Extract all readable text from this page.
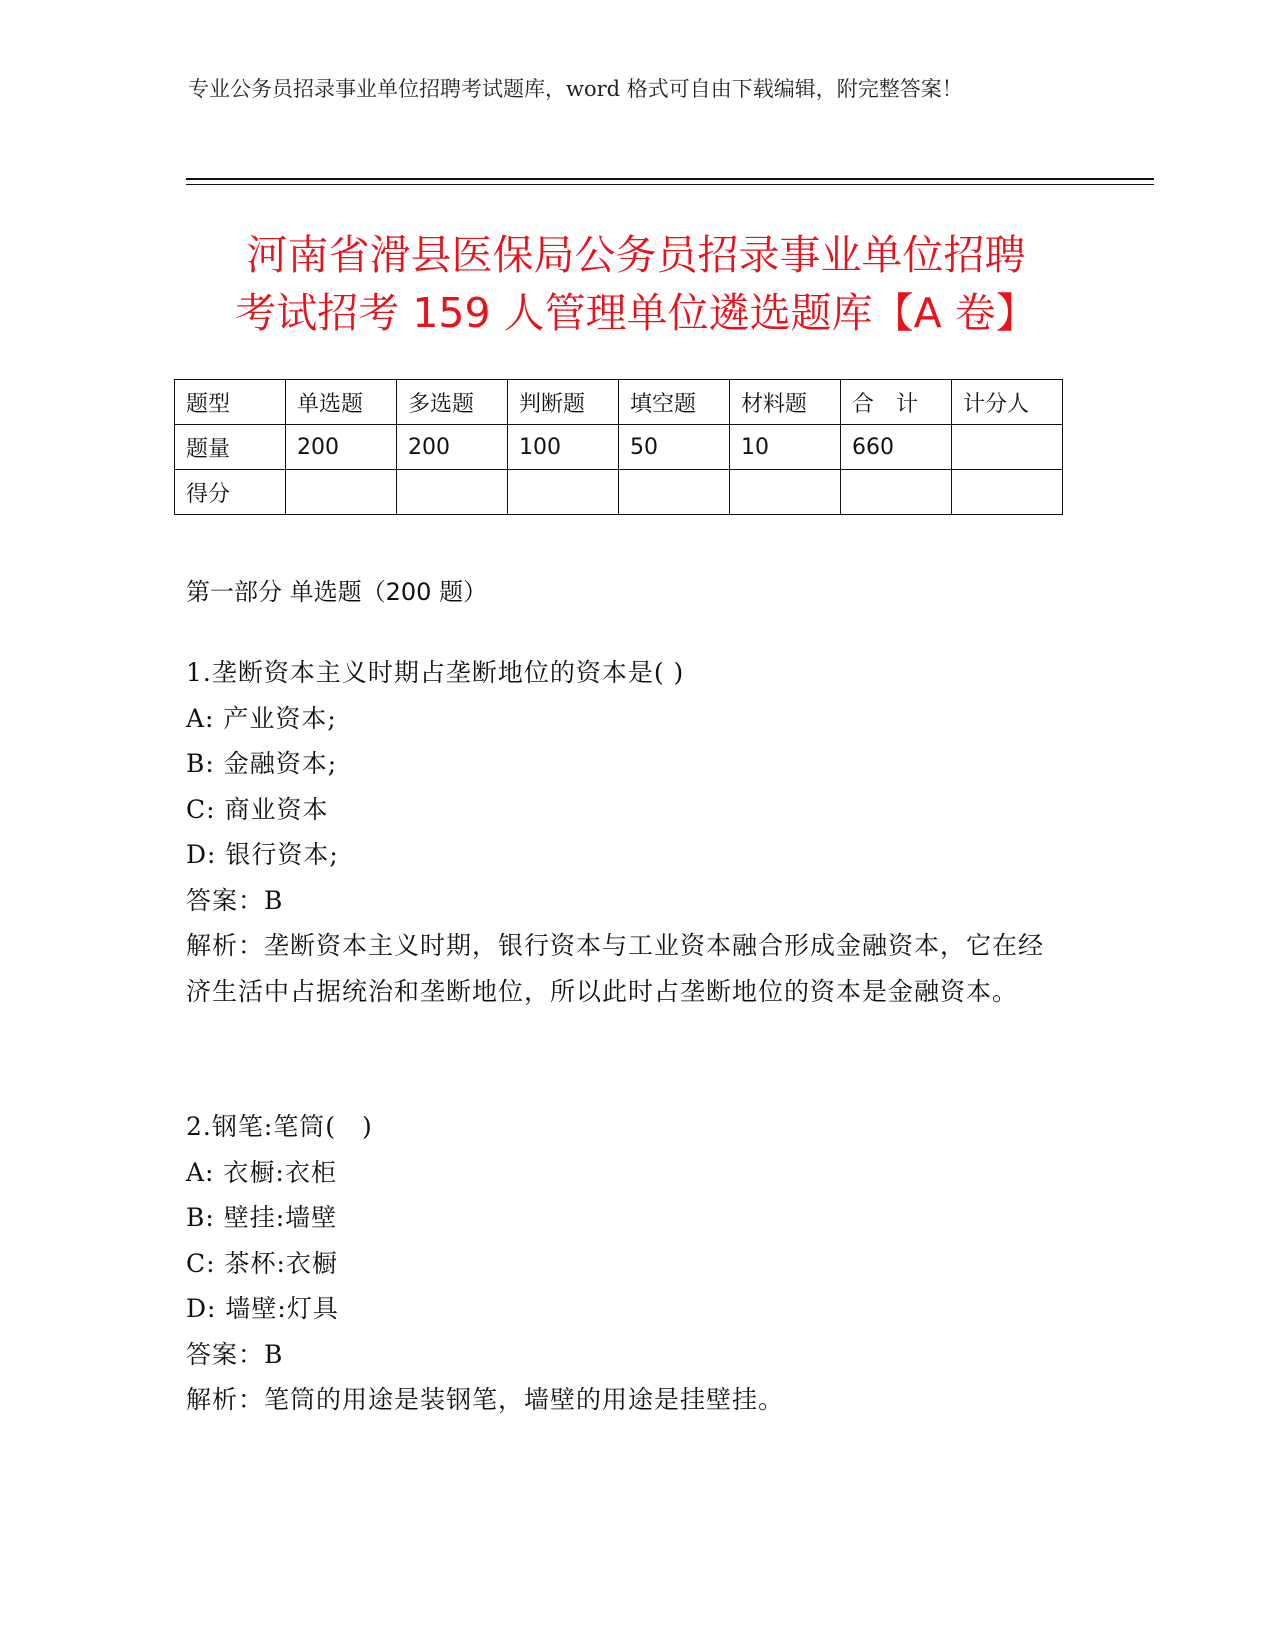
专业公务员招录事业单位招聘考试题库，word 格式可自由下载编辑，附完整答案！
河南省滑县医保局公务员招录事业单位招聘
考试招考 159 人管理单位遴选题库【A 卷】
题型	单选题	多选题	判断题	填空题	材料题	合　计	计分人
题量	200	200	100	50	10	660	
得分							
第一部分 单选题（200 题）
1.垄断资本主义时期占垄断地位的资本是( )
A: 产业资本;
B: 金融资本;
C: 商业资本
D: 银行资本;
答案：B
解析：垄断资本主义时期，银行资本与工业资本融合形成金融资本，它在经济生活中占据统治和垄断地位，所以此时占垄断地位的资本是金融资本。
2.钢笔:笔筒(　)
A: 衣橱:衣柜
B: 壁挂:墙壁
C: 茶杯:衣橱
D: 墙壁:灯具
答案：B
解析：笔筒的用途是装钢笔，墙壁的用途是挂壁挂。
